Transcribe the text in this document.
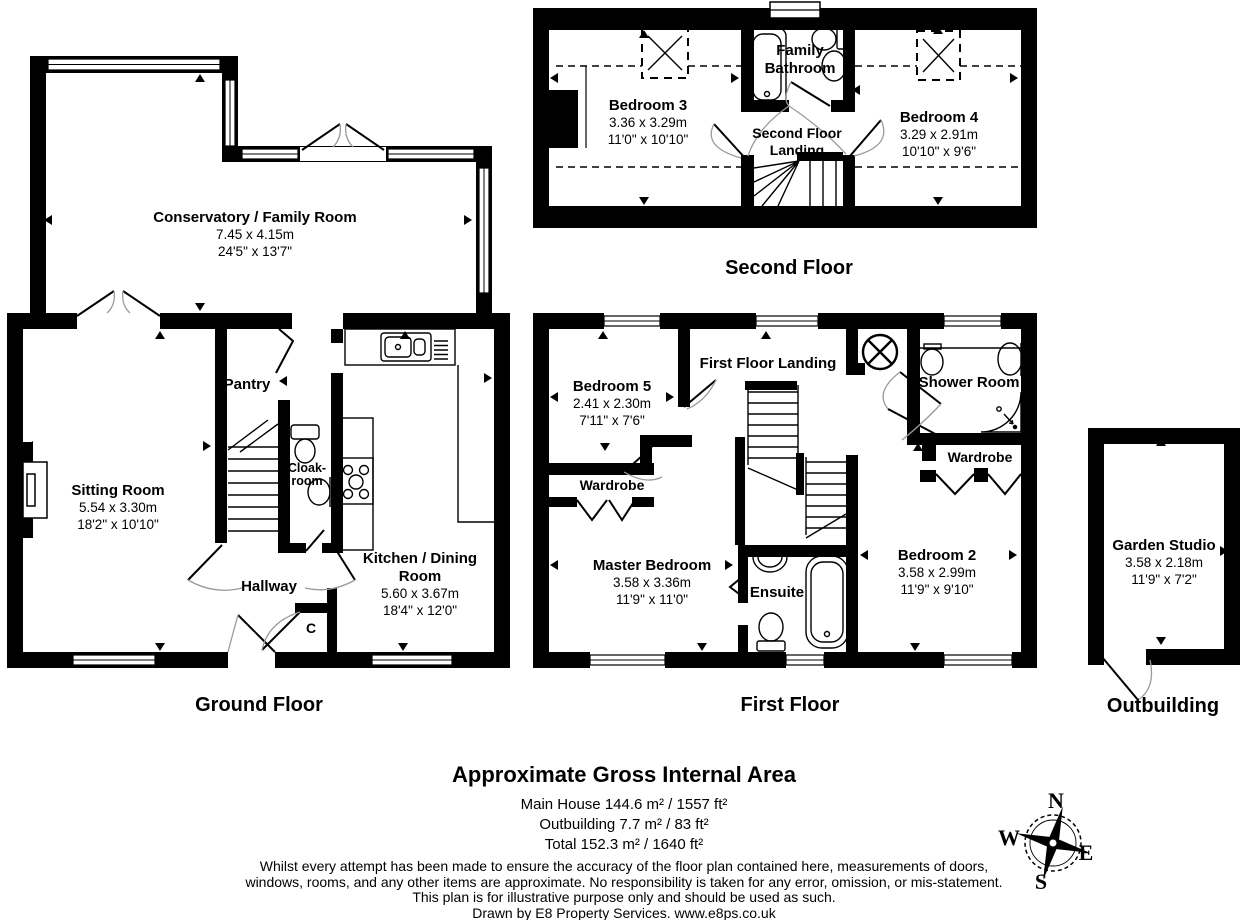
N
W
E
S
Conservatory / Family Room
7.45 x 4.15m
24'5" x 13'7"
Sitting Room
5.54 x 3.30m
18'2" x 10'10"
Pantry
Cloak-room
Hallway
Kitchen / Dining Room
5.60 x 3.67m
18'4" x 12'0"
C
Bedroom 5
2.41 x 2.30m
7'11" x 7'6"
First Floor Landing
Shower Room
Wardrobe
Wardrobe
Master Bedroom
3.58 x 3.36m
11'9" x 11'0"	Ensuite
Bedroom 2
3.58 x 2.99m
11'9" x 9'10"
Bedroom 3
3.36 x 3.29m
11'0" x 10'10"
Family Bathroom
Second Floor Landing
Bedroom 4
3.29 x 2.91m
10'10" x 9'6"
Garden Studio
3.58 x 2.18m
11'9" x 7'2"
Ground Floor	First Floor
Second Floor
Outbuilding
Approximate Gross Internal Area
Main House 144.6 m² / 1557 ft²
Outbuilding 7.7 m² / 83 ft²
Total 152.3 m² / 1640 ft²
Whilst every attempt has been made to ensure the accuracy of the floor plan contained here, measurements of doors,
windows, rooms, and any other items are approximate. No responsibility is taken for any error, omission, or mis-statement.
This plan is for illustrative purpose only and should be used as such.
Drawn by E8 Property Services. www.e8ps.co.uk
